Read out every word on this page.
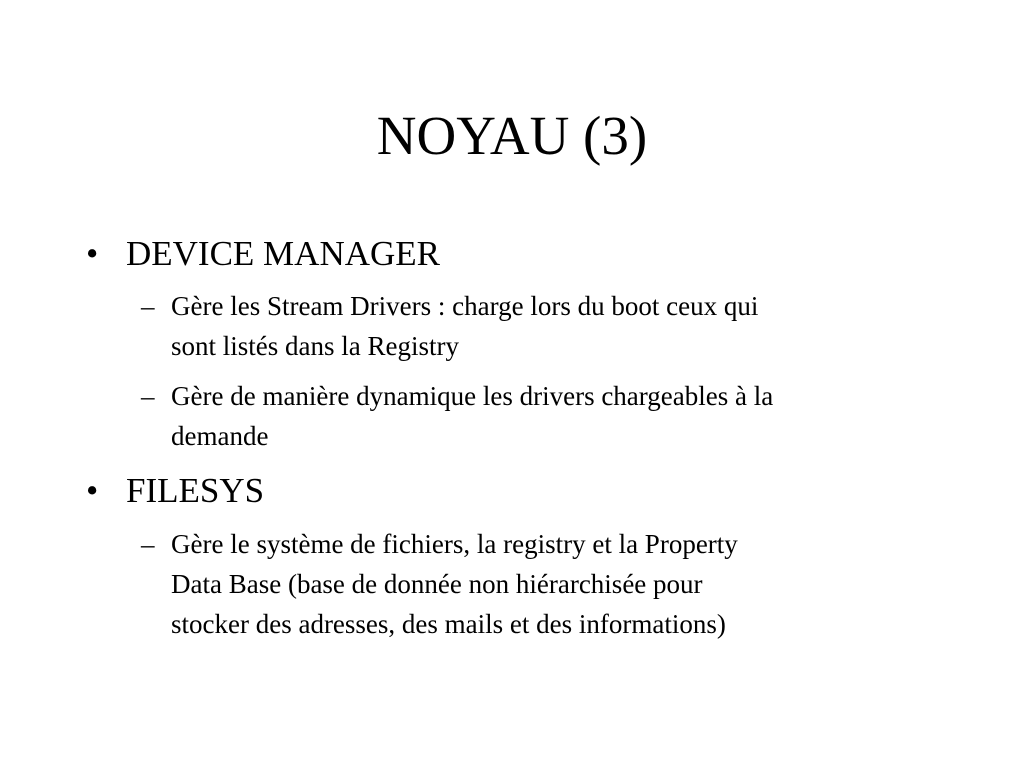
NOYAU (3)
• DEVICE MANAGER
– Gère les Stream Drivers : charge lors du boot ceux qui
sont listés dans la Registry
– Gère de manière dynamique les drivers chargeables à la
demande
• FILESYS
– Gère le système de fichiers, la registry et la Property
Data Base (base de donnée non hiérarchisée pour
stocker des adresses, des mails et des informations)
